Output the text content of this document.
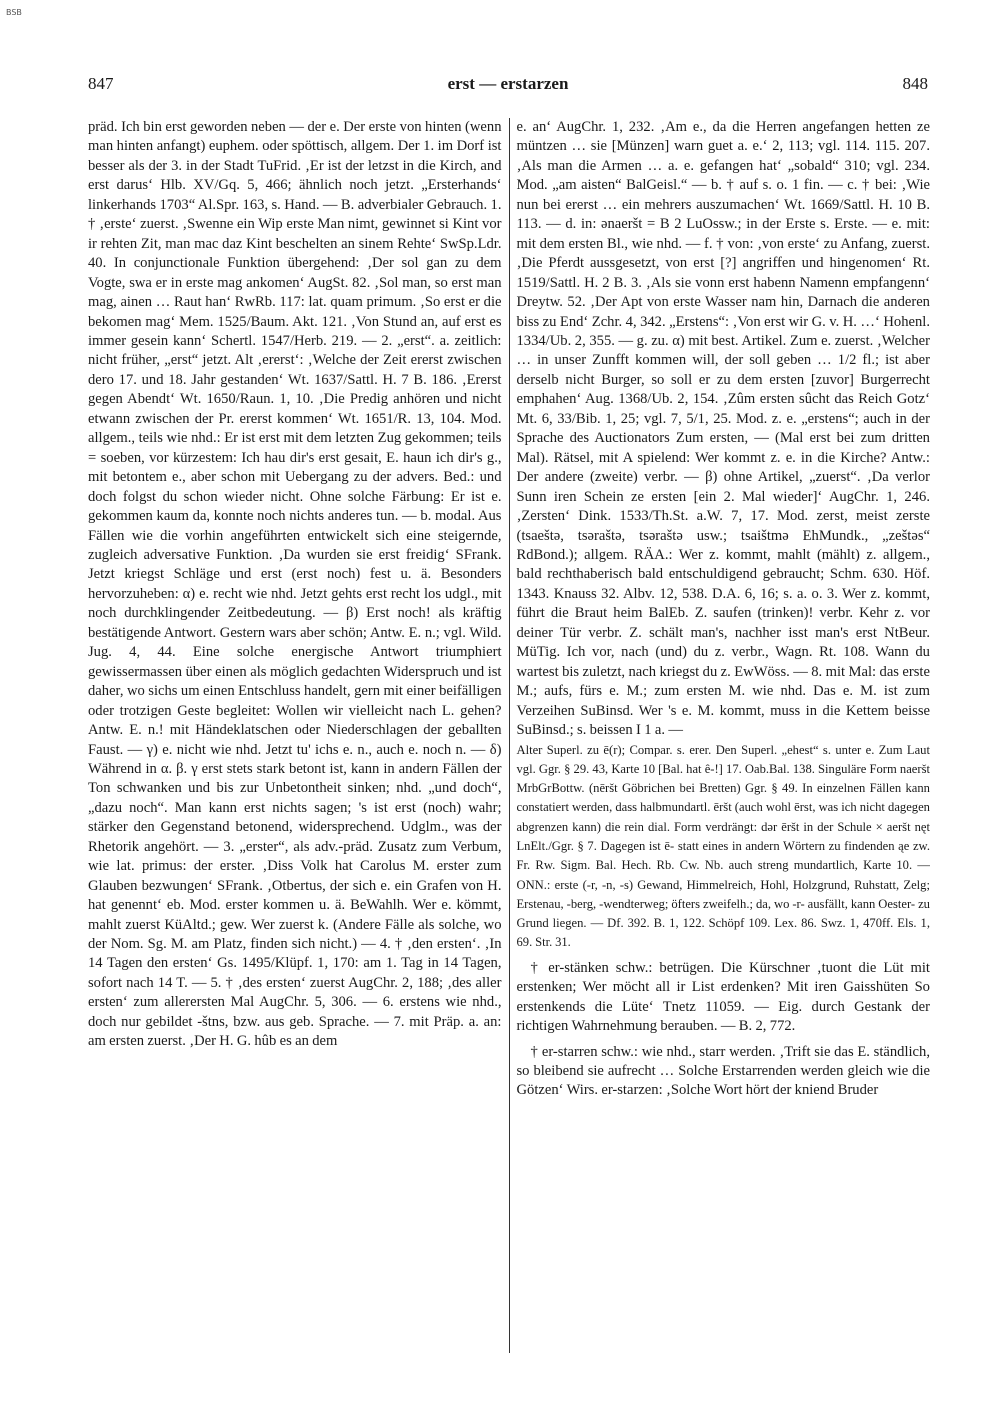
BSB
847	erst — erstarzen	848

präd. Ich bin erst geworden neben — der e. Der erste von hinten (wenn man hinten anfangt) euphem. oder spöttisch, allgem. Der 1. im Dorf ist besser als der 3. in der Stadt TuFrid. ‚Er ist der letzst in die Kirch, and erst darus‘ Hlb. XV/Gq. 5, 466; ähnlich noch jetzt. „Ersterhands‘ linkerhands 1703“ Al.Spr. 163, s. Hand. — B. adverbialer Gebrauch. 1. † ‚erste‘ zuerst. ‚Swenne ein Wip erste Man nimt, gewinnet si Kint vor ir rehten Zit, man mac daz Kint beschelten an sinem Rehte‘ SwSp.Ldr. 40. In conjunctionale Funktion übergehend: ‚Der sol gan zu dem Vogte, swa er in erste mag ankomen‘ AugSt. 82. ‚Sol man, so erst man mag, ainen … Raut han‘ RwRb. 117: lat. quam primum. ‚So erst er die bekomen mag‘ Mem. 1525/Baum. Akt. 121. ‚Von Stund an, auf erst es immer gesein kann‘ Schertl. 1547/Herb. 219. — 2. „erst“. a. zeitlich: nicht früher, „erst“ jetzt. Alt ‚ererst‘: ‚Welche der Zeit ererst zwischen dero 17. und 18. Jahr gestanden‘ Wt. 1637/Sattl. H. 7 B. 186. ‚Ererst gegen Abendt‘ Wt. 1650/Raun. 1, 10. ‚Die Predig anhören und nicht etwann zwischen der Pr. ererst kommen‘ Wt. 1651/R. 13, 104. Mod. allgem., teils wie nhd.: Er ist erst mit dem letzten Zug gekommen; teils = soeben, vor kürzestem: Ich hau dir's erst gesait, E. haun ich dir's g., mit betontem e., aber schon mit Uebergang zu der advers. Bed.: und doch folgst du schon wieder nicht. Ohne solche Färbung: Er ist e. gekommen kaum da, konnte noch nichts anderes tun. — b. modal. Aus Fällen wie die vorhin angeführten entwickelt sich eine steigernde, zugleich adversative Funktion. ‚Da wurden sie erst freidig‘ SFrank. Jetzt kriegst Schläge und erst (erst noch) fest u. ä. Besonders hervorzuheben: α) e. recht wie nhd. Jetzt gehts erst recht los udgl., mit noch durchklingender Zeitbedeutung. — β) Erst noch! als kräftig bestätigende Antwort. Gestern wars aber schön; Antw. E. n.; vgl. Wild. Jug. 4, 44. Eine solche energische Antwort triumphiert gewissermassen über einen als möglich gedachten Widerspruch und ist daher, wo sichs um einen Entschluss handelt, gern mit einer beifälligen oder trotzigen Geste begleitet: Wollen wir vielleicht nach L. gehen? Antw. E. n.! mit Händeklatschen oder Niederschlagen der geballten Faust. — γ) e. nicht wie nhd. Jetzt tu' ichs e. n., auch e. noch n. — δ) Während in α. β. γ erst stets stark betont ist, kann in andern Fällen der Ton schwanken und bis zur Unbetontheit sinken; nhd. „und doch“, „dazu noch“. Man kann erst nichts sagen; 's ist erst (noch) wahr; stärker den Gegenstand betonend, widersprechend. Udglm., was der Rhetorik angehört. — 3. „erster“, als adv.-präd. Zusatz zum Verbum, wie lat. primus: der erster. ‚Diss Volk hat Carolus M. erster zum Glauben bezwungen‘ SFrank. ‚Otbertus, der sich e. ein Grafen von H. hat genennt‘ eb. Mod. erster kommen u. ä. BeWahlh. Wer e. kömmt, mahlt zuerst KüAltd.; gew. Wer zuerst k. (Andere Fälle als solche, wo der Nom. Sg. M. am Platz, finden sich nicht.) — 4. † ‚den ersten‘. ‚In 14 Tagen den ersten‘ Gs. 1495/Klüpf. 1, 170: am 1. Tag in 14 Tagen, sofort nach 14 T. — 5. † ‚des ersten‘ zuerst AugChr. 2, 188; ‚des aller ersten‘ zum allerersten Mal AugChr. 5, 306. — 6. erstens wie nhd., doch nur gebildet -štns, bzw. aus geb. Sprache. — 7. mit Präp. a. an: am ersten zuerst. ‚Der H. G. hûb es an dem

e. an‘ AugChr. 1, 232. ‚Am e., da die Herren angefangen hetten ze müntzen … sie [Münzen] warn guet a. e.‘ 2, 113; vgl. 114. 115. 207. ‚Als man die Armen … a. e. gefangen hat‘ „sobald“ 310; vgl. 234. Mod. „am aisten“ BalGeisl.“ — b. † auf s. o. 1 fin. — c. † bei: ‚Wie nun bei ererst … ein mehrers auszumachen‘ Wt. 1669/Sattl. H. 10 B. 113. — d. in: ənaeršt = B 2 LuOssw.; in der Erste s. Erste. — e. mit: mit dem ersten Bl., wie nhd. — f. † von: ‚von erste‘ zu Anfang, zuerst. ‚Die Pferdt aussgesetzt, von erst [?] angriffen und hingenomen‘ Rt. 1519/Sattl. H. 2 B. 3. ‚Als sie vonn erst habenn Namenn empfangenn‘ Dreytw. 52. ‚Der Apt von erste Wasser nam hin, Darnach die anderen biss zu End‘ Zchr. 4, 342. „Erstens“: ‚Von erst wir G. v. H. …‘ Hohenl. 1334/Ub. 2, 355. — g. zu. α) mit best. Artikel. Zum e. zuerst. ‚Welcher … in unser Zunfft kommen will, der soll geben … 1/2 fl.; ist aber derselb nicht Burger, so soll er zu dem ersten [zuvor] Burgerrecht emphahen‘ Aug. 1368/Ub. 2, 154. ‚Zûm ersten sûcht das Reich Gotz‘ Mt. 6, 33/Bib. 1, 25; vgl. 7, 5/1, 25. Mod. z. e. „erstens“; auch in der Sprache des Auctionators Zum ersten, — (Mal erst bei zum dritten Mal). Rätsel, mit A spielend: Wer kommt z. e. in die Kirche? Antw.: Der andere (zweite) verbr. — β) ohne Artikel, „zuerst“. ‚Da verlor Sunn iren Schein ze ersten [ein 2. Mal wieder]‘ AugChr. 1, 246. ‚Zersten‘ Dink. 1533/Th.St. a.W. 7, 17. Mod. zerst, meist zerste (tsaeštə, tsəraštə, tsəraštə usw.; tsaištmə EhMundk., „zeštəs“ RdBond.); allgem. RÄA.: Wer z. kommt, mahlt (mählt) z. allgem., bald rechthaberisch bald entschuldigend gebraucht; Schm. 630. Höf. 1343. Knauss 32. Albv. 12, 538. D.A. 6, 16; s. a. o. 3. Wer z. kommt, führt die Braut heim BalEb. Z. saufen (trinken)! verbr. Kehr z. vor deiner Tür verbr. Z. schält man's, nachher isst man's erst NtBeur. MüTig. Ich vor, nach (und) du z. verbr., Wagn. Rt. 108. Wann du wartest bis zuletzt, nach kriegst du z. EwWöss. — 8. mit Mal: das erste M.; aufs, fürs e. M.; zum ersten M. wie nhd. Das e. M. ist zum Verzeihen SuBinsd. Wer 's e. M. kommt, muss in die Kettem beisse SuBinsd.; s. beissen I 1 a. —

Alter Superl. zu ē(r); Compar. s. erer. Den Superl. „ehest“ s. unter e. Zum Laut vgl. Ggr. § 29. 43, Karte 10 [Bal. hat ê-!] 17. Oab.Bal. 138. Singuläre Form naeršt MrbGrBottw. (nēršt Göbrichen bei Bretten) Ggr. § 49. In einzelnen Fällen kann constatiert werden, dass halbmundartl. ēršt (auch wohl ērst, was ich nicht dagegen abgrenzen kann) die rein dial. Form verdrängt: dər ēršt in der Schule × aeršt nęt LnElt./Ggr. § 7. Dagegen ist ē- statt eines in andern Wörtern zu findenden ąe zw. Fr. Rw. Sigm. Bal. Hech. Rb. Cw. Nb. auch streng mundartlich, Karte 10. — ONN.: erste (-r, -n, -s) Gewand, Himmelreich, Hohl, Holzgrund, Ruhstatt, Zelg; Erstenau, -berg, -wendterweg; öfters zweifelh.; da, wo -r- ausfällt, kann Oester- zu Grund liegen. — Df. 392. B. 1, 122. Schöpf 109. Lex. 86. Swz. 1, 470ff. Els. 1, 69. Str. 31.

† er-stänken schw.: betrügen. Die Kürschner ‚tuont die Lüt mit erstenken; Wer möcht all ir List erdenken? Mit iren Gaisshüten So erstenkends die Lüte‘ Tnetz 11059. — Eig. durch Gestank der richtigen Wahrnehmung berauben. — B. 2, 772.

† er-starren schw.: wie nhd., starr werden. ‚Trift sie das E. ständlich, so bleibend sie aufrecht … Solche Erstarrenden werden gleich wie die Götzen‘ Wirs. er-starzen: ‚Solche Wort hört der kniend Bruder
